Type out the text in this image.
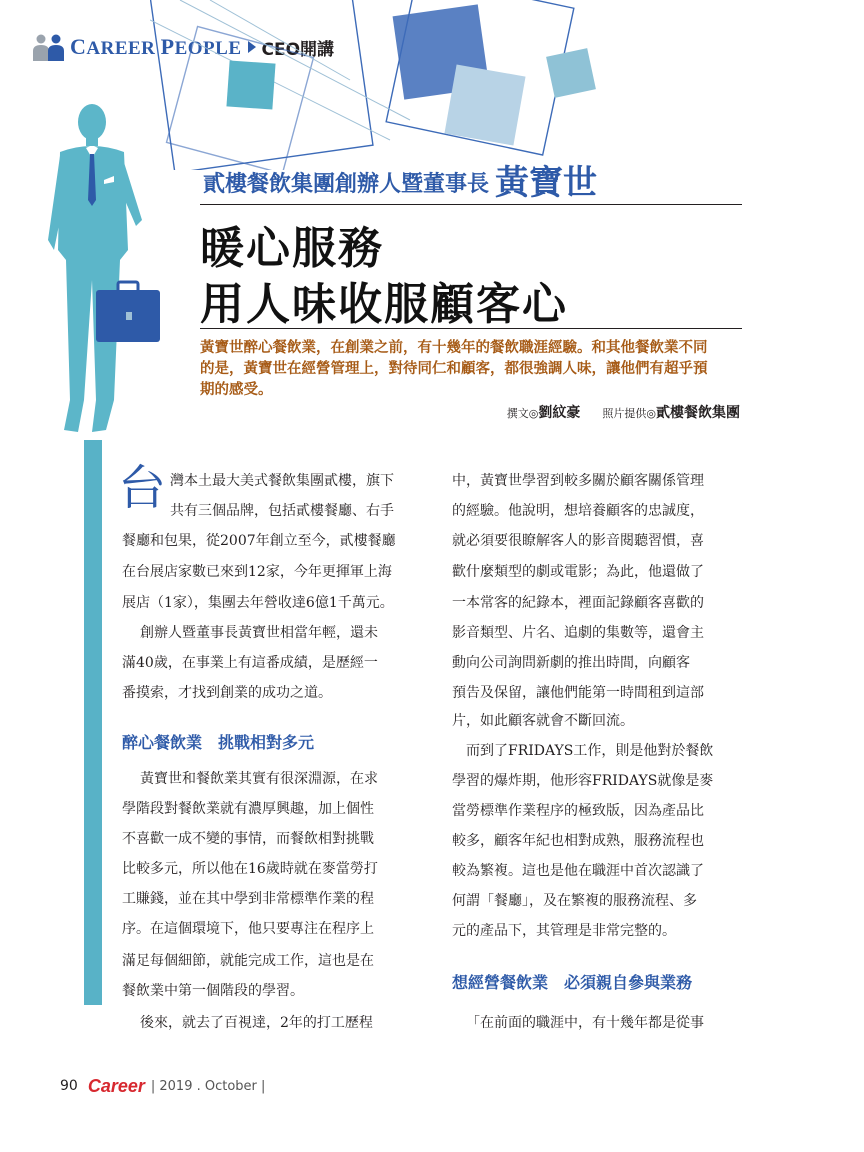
CAREER PEOPLE CEO開講
貳樓餐飲集團創辦人暨董事長 黃寶世
暖心服務
用人味收服顧客心
黃寶世醉心餐飲業，在創業之前，有十幾年的餐飲職涯經驗。和其他餐飲業不同
的是，黃寶世在經營管理上，對待同仁和顧客，都很強調人味，讓他們有超乎預
期的感受。
撰文◎劉紋豪 照片提供◎貳樓餐飲集團
台 灣本土最大美式餐飲集團貳樓，旗下
共有三個品牌，包括貳樓餐廳、右手
餐廳和包果，從2007年創立至今，貳樓餐廳
在台展店家數已來到12家，今年更揮軍上海
展店（1家），集團去年營收達6億1千萬元。
創辦人暨董事長黃寶世相當年輕，還未
滿40歲，在事業上有這番成績，是歷經一
番摸索，才找到創業的成功之道。
醉心餐飲業　挑戰相對多元
黃寶世和餐飲業其實有很深淵源，在求
學階段對餐飲業就有濃厚興趣，加上個性
不喜歡一成不變的事情，而餐飲相對挑戰
比較多元，所以他在16歲時就在麥當勞打
工賺錢，並在其中學到非常標準作業的程
序。在這個環境下，他只要專注在程序上
滿足每個細節，就能完成工作，這也是在
餐飲業中第一個階段的學習。
後來，就去了百視達，2年的打工歷程
中，黃寶世學習到較多關於顧客關係管理
的經驗。他說明，想培養顧客的忠誠度，
就必須要很瞭解客人的影音閱聽習慣，喜
歡什麼類型的劇或電影；為此，他還做了
一本常客的紀錄本，裡面記錄顧客喜歡的
影音類型、片名、追劇的集數等，還會主
動向公司詢問新劇的推出時間，向顧客
預告及保留，讓他們能第一時間租到這部
片，如此顧客就會不斷回流。
而到了FRIDAYS工作，則是他對於餐飲
學習的爆炸期，他形容FRIDAYS就像是麥
當勞標準作業程序的極致版，因為產品比
較多，顧客年紀也相對成熟，服務流程也
較為繁複。這也是他在職涯中首次認識了
何謂「餐廳」，及在繁複的服務流程、多
元的產品下，其管理是非常完整的。
想經營餐飲業　必須親自參與業務
「在前面的職涯中，有十幾年都是從事
90 Career | 2019 . October |
